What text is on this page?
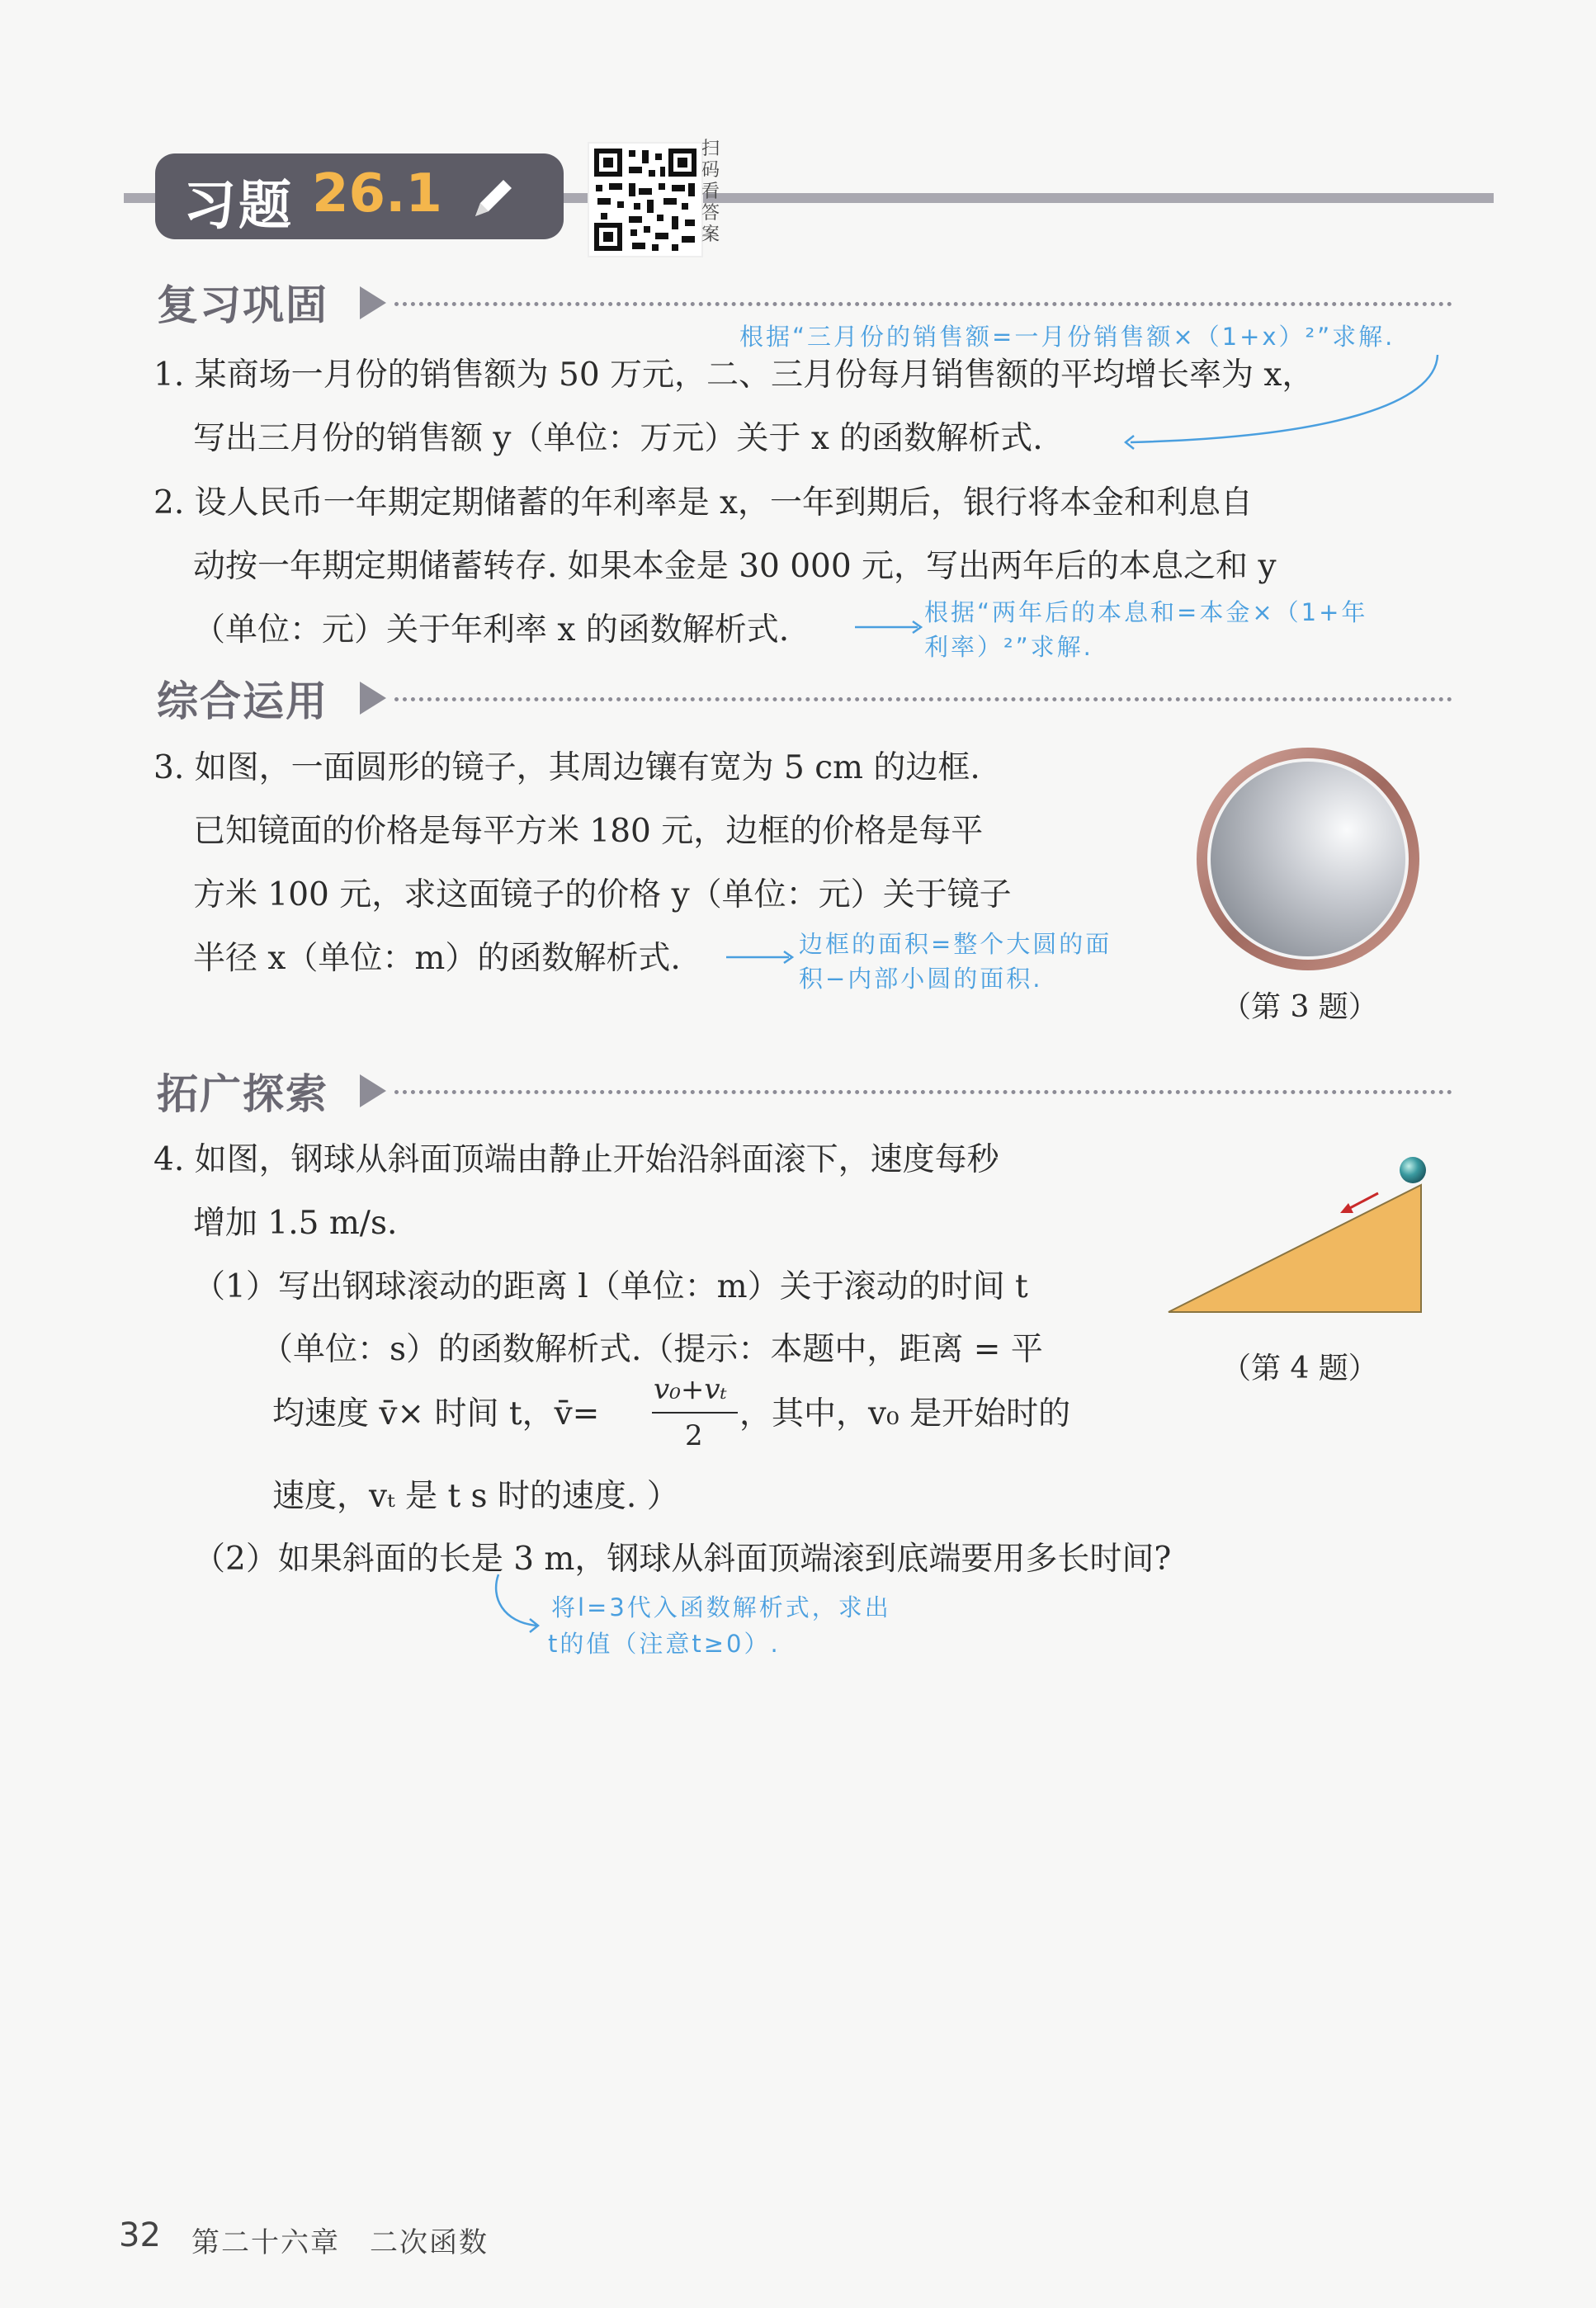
习题 26.1
扫
码
看
答
案
复习巩固
根据“三月份的销售额=一月份销售额×（1+x）²”求解.
1. 某商场一月份的销售额为 50 万元，二、三月份每月销售额的平均增长率为 x，
写出三月份的销售额 y（单位：万元）关于 x 的函数解析式.
2. 设人民币一年期定期储蓄的年利率是 x，一年到期后，银行将本金和利息自
动按一年期定期储蓄转存. 如果本金是 30 000 元，写出两年后的本息之和 y
（单位：元）关于年利率 x 的函数解析式.	根据“两年后的本息和=本金×（1+年
利率）²”求解.
综合运用
3. 如图，一面圆形的镜子，其周边镶有宽为 5 cm 的边框.
已知镜面的价格是每平方米 180 元，边框的价格是每平
方米 100 元，求这面镜子的价格 y（单位：元）关于镜子
半径 x（单位：m）的函数解析式.	边框的面积=整个大圆的面
积−内部小圆的面积.
（第 3 题）
拓广探索
4. 如图，钢球从斜面顶端由静止开始沿斜面滚下，速度每秒
增加 1.5 m/s.
（1）写出钢球滚动的距离 l（单位：m）关于滚动的时间 t
（单位：s）的函数解析式.（提示：本题中，距离 = 平
均速度 v̄× 时间 t，v̄=
v₀+vₜ
2
，其中，v₀ 是开始时的
速度，vₜ 是 t s 时的速度. ）
（2）如果斜面的长是 3 m，钢球从斜面顶端滚到底端要用多长时间?
将l=3代入函数解析式，求出
t的值（注意t≥0）.
（第 4 题）
32 第二十六章　二次函数
